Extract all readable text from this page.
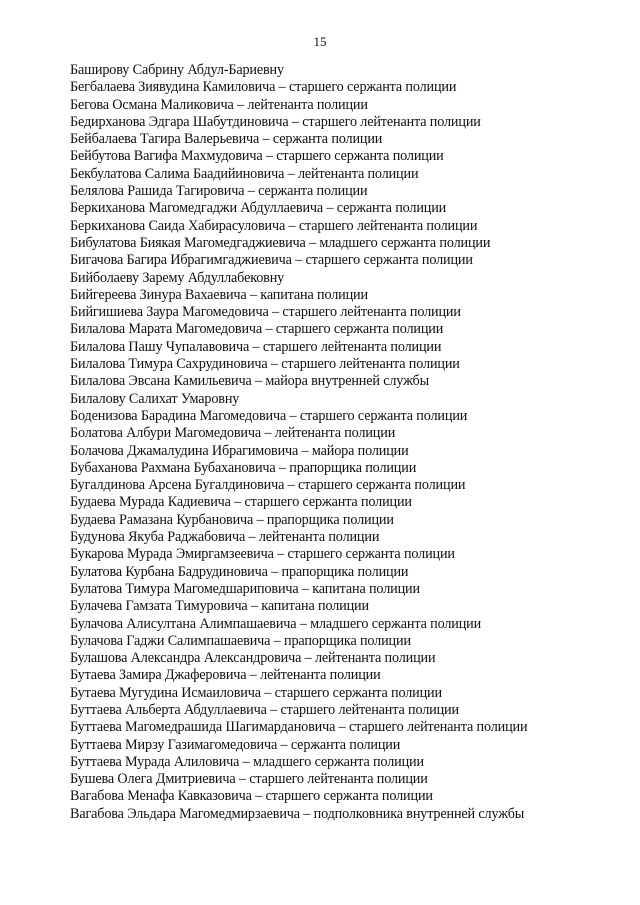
15
Баширову Сабрину Абдул-Бариевну
Бегбалаева Зиявудина Камиловича – старшего сержанта полиции
Бегова Османа Маликовича – лейтенанта полиции
Бедирханова Эдгара Шабутдиновича – старшего лейтенанта полиции
Бейбалаева Тагира Валерьевича – сержанта полиции
Бейбутова Вагифа Махмудовича – старшего сержанта полиции
Бекбулатова Салима Баадийиновича – лейтенанта полиции
Белялова Рашида Тагировича – сержанта полиции
Беркиханова Магомедгаджи Абдуллаевича – сержанта полиции
Беркиханова Саида Хабирасуловича – старшего лейтенанта полиции
Бибулатова Биякая Магомедгаджиевича – младшего сержанта полиции
Бигачова Багира Ибрагимгаджиевича – старшего сержанта полиции
Бийболаеву Зарему Абдуллабековну
Бийгереева Зинура Вахаевича – капитана полиции
Бийгишиева Заура Магомедовича – старшего лейтенанта полиции
Билалова Марата Магомедовича – старшего сержанта полиции
Билалова Пашу Чупалавовича – старшего лейтенанта полиции
Билалова Тимура Сахрудиновича – старшего лейтенанта полиции
Билалова Эвсана Камильевича – майора внутренней службы
Билалову Салихат Умаровну
Боденизова Барадина Магомедовича – старшего сержанта полиции
Болатова Албури Магомедовича – лейтенанта полиции
Болачова Джамалудина Ибрагимовича – майора полиции
Бубаханова Рахмана Бубахановича – прапорщика полиции
Бугалдинова Арсена Бугалдиновича – старшего сержанта полиции
Будаева Мурада Кадиевича – старшего сержанта полиции
Будаева Рамазана Курбановича – прапорщика полиции
Будунова Якуба Раджабовича – лейтенанта полиции
Букарова Мурада Эмиргамзеевича – старшего сержанта полиции
Булатова Курбана Бадрудиновича – прапорщика полиции
Булатова Тимура Магомедшариповича – капитана полиции
Булачева Гамзата Тимуровича – капитана полиции
Булачова Алисултана Алимпашаевича – младшего сержанта полиции
Булачова Гаджи Салимпашаевича – прапорщика полиции
Булашова Александра Александровича – лейтенанта полиции
Бутаева Замира Джаферовича – лейтенанта полиции
Бутаева Мугудина Исмаиловича – старшего сержанта полиции
Буттаева Альберта Абдуллаевича – старшего лейтенанта полиции
Буттаева Магомедрашида Шагимардановича – старшего лейтенанта полиции
Буттаева Мирзу Газимагомедовича – сержанта полиции
Буттаева Мурада Алиловича – младшего сержанта полиции
Бушева Олега Дмитриевича – старшего лейтенанта полиции
Вагабова Менафа Кавказовича – старшего сержанта полиции
Вагабова Эльдара Магомедмирзаевича – подполковника внутренней службы
